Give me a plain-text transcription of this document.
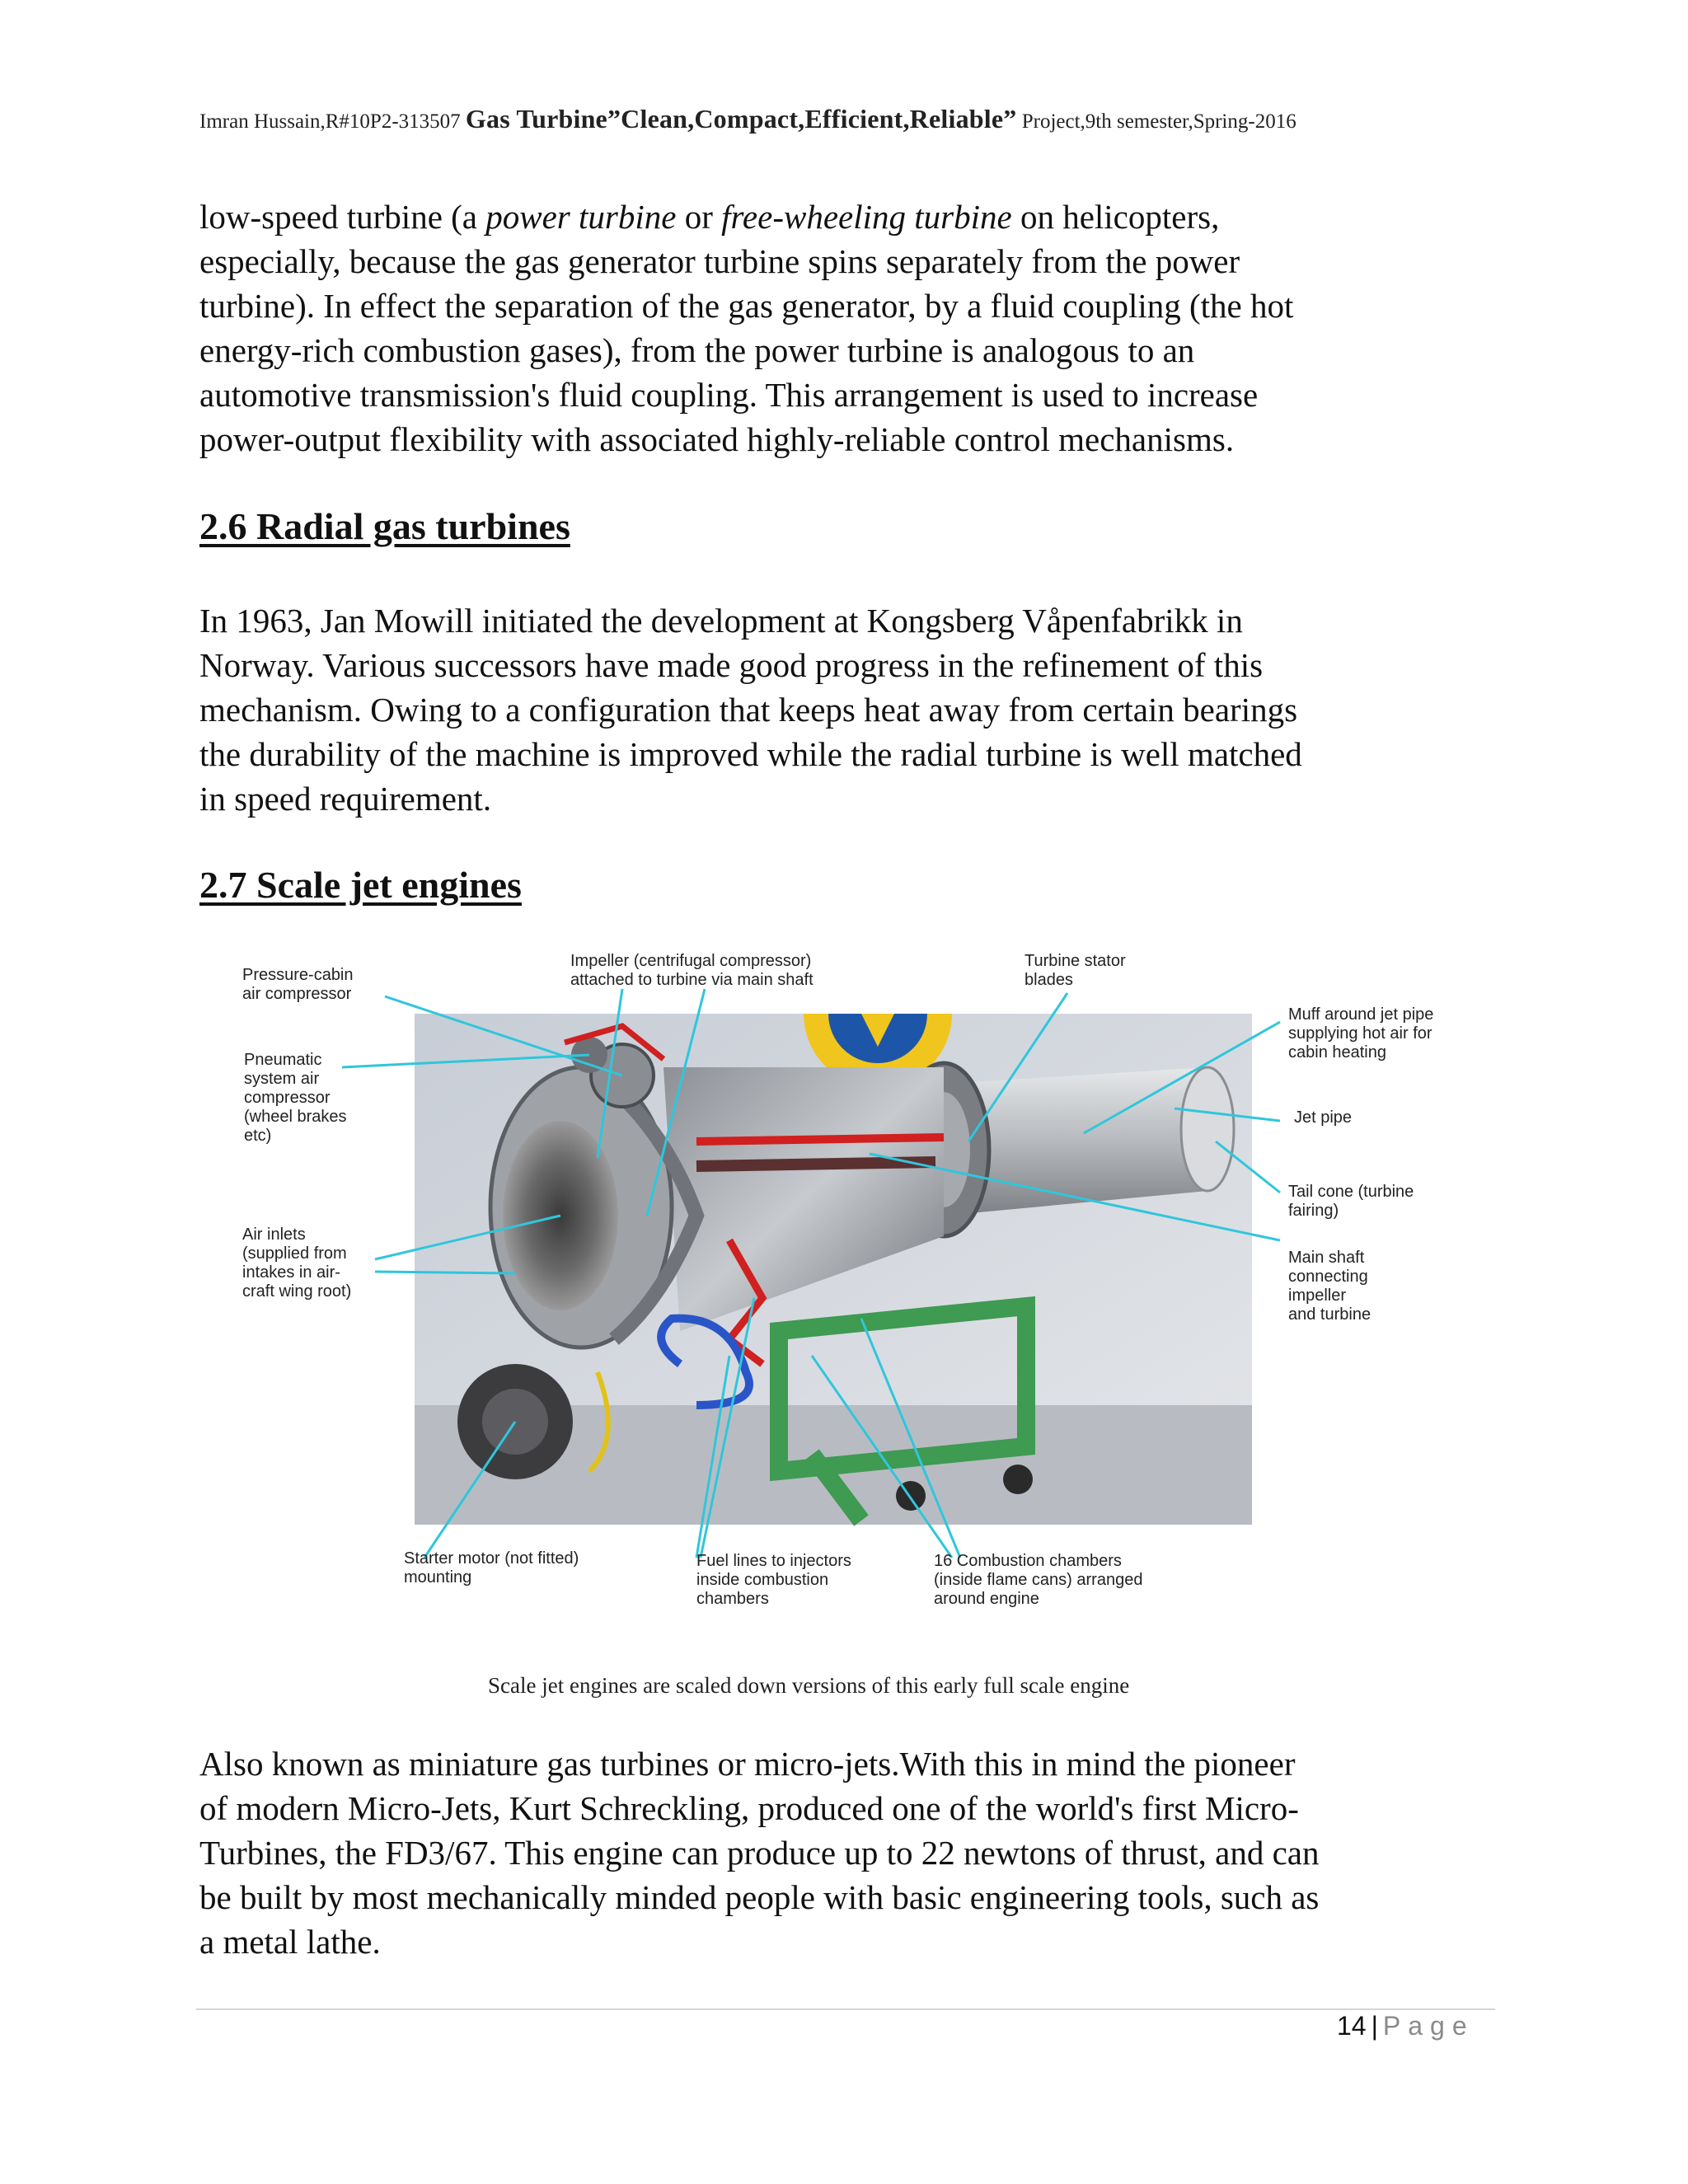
Imran Hussain,R#10P2-313507 Gas Turbine”Clean,Compact,Efficient,Reliable” Project,9th semester,Spring-2016
low-speed turbine (a power turbine or free-wheeling turbine on helicopters,
especially, because the gas generator turbine spins separately from the power
turbine). In effect the separation of the gas generator, by a fluid coupling (the hot
energy-rich combustion gases), from the power turbine is analogous to an
automotive transmission's fluid coupling. This arrangement is used to increase
power-output flexibility with associated highly-reliable control mechanisms.
2.6 Radial gas turbines
In 1963, Jan Mowill initiated the development at Kongsberg Våpenfabrikk in
Norway. Various successors have made good progress in the refinement of this
mechanism. Owing to a configuration that keeps heat away from certain bearings
the durability of the machine is improved while the radial turbine is well matched
in speed requirement.
2.7 Scale jet engines
Pressure-cabin
air compressor
Impeller (centrifugal compressor)
attached to turbine via main shaft
Turbine stator
blades
Muff around jet pipe
supplying hot air for
cabin heating
Pneumatic
system air
compressor
(wheel brakes
etc)
Jet pipe
Tail cone (turbine
fairing)
Air inlets
(supplied from
intakes in air-
craft wing root)
Main shaft
connecting
impeller
and turbine
Starter motor (not fitted)
mounting
Fuel lines to injectors
inside combustion
chambers
16 Combustion chambers
(inside flame cans) arranged
around engine
Scale jet engines are scaled down versions of this early full scale engine
Also known as miniature gas turbines or micro-jets.With this in mind the pioneer
of modern Micro-Jets, Kurt Schreckling, produced one of the world's first Micro-
Turbines, the FD3/67. This engine can produce up to 22 newtons of thrust, and can
be built by most mechanically minded people with basic engineering tools, such as
a metal lathe.
14 | Page
